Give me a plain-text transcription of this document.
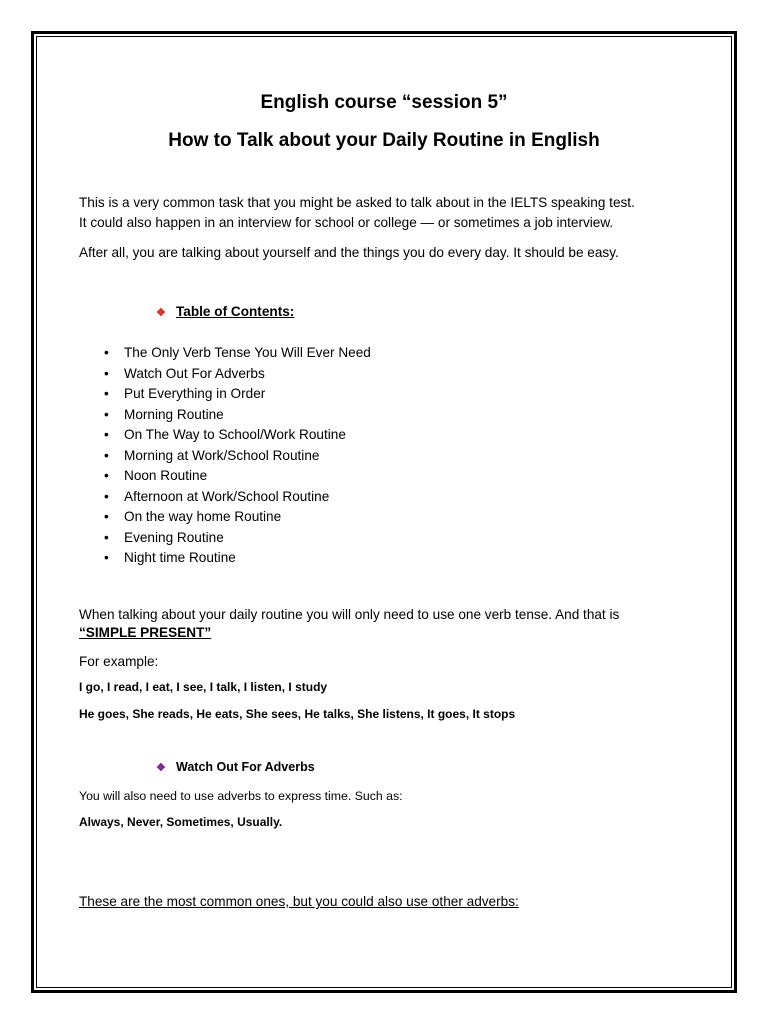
English course “session 5”
How to Talk about your Daily Routine in English
This is a very common task that you might be asked to talk about in the IELTS speaking test.
It could also happen in an interview for school or college — or sometimes a job interview.
After all, you are talking about yourself and the things you do every day. It should be easy.
❖ Table of Contents:
• The Only Verb Tense You Will Ever Need
• Watch Out For Adverbs
• Put Everything in Order
• Morning Routine
• On The Way to School/Work Routine
• Morning at Work/School Routine
• Noon Routine
• Afternoon at Work/School Routine
• On the way home Routine
• Evening Routine
• Night time Routine
When talking about your daily routine you will only need to use one verb tense. And that is
“SIMPLE PRESENT”
For example:
I go, I read, I eat, I see, I talk, I listen, I study
He goes, She reads, He eats, She sees, He talks, She listens, It goes, It stops
❖ Watch Out For Adverbs
You will also need to use adverbs to express time. Such as:
Always, Never, Sometimes, Usually.
These are the most common ones, but you could also use other adverbs:
